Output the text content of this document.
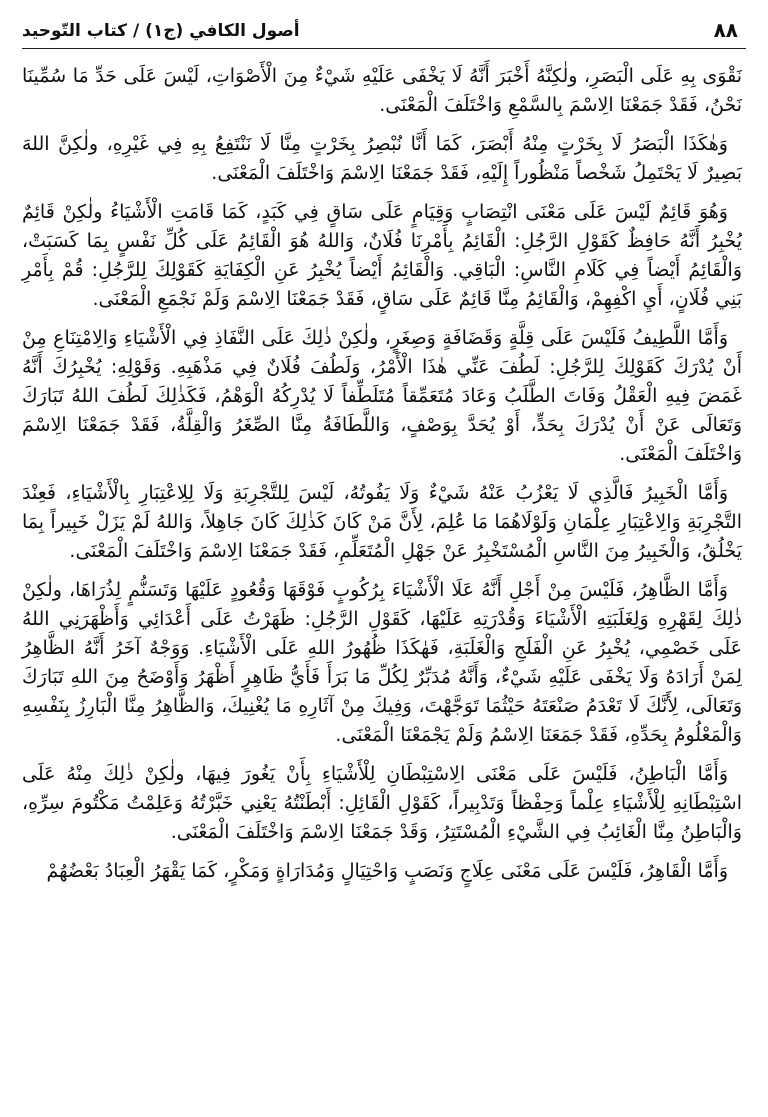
أصول الكافي (ج١) / كتاب التّوحيد	٨٨

نَقْوَى بِهِ عَلَى الْبَصَرِ، ولٰكِنَّهُ أَخْبَرَ أَنَّهُ لَا يَخْفَى عَلَيْهِ شَيْءٌ مِنَ الْأَصْوَاتِ، لَيْسَ عَلَى حَدِّ مَا سُمِّينَا نَحْنُ، فَقَدْ جَمَعْنَا الِاسْمَ بِالسَّمْعِ وَاخْتَلَفَ الْمَعْنَى.

وَهٰكَذَا الْبَصَرُ لَا بِخَرْتٍ مِنْهُ أَبْصَرَ، كَمَا أَنَّا نُبْصِرُ بِخَرْتٍ مِنَّا لَا نَنْتَفِعُ بِهِ فِي غَيْرِهِ، ولٰكِنَّ اللهَ بَصِيرٌ لَا يَحْتَمِلُ شَخْصاً مَنْظُوراً إِلَيْهِ، فَقَدْ جَمَعْنَا الِاسْمَ وَاخْتَلَفَ الْمَعْنَى.

وَهُوَ قَائِمٌ لَيْسَ عَلَى مَعْنَى انْتِصَابٍ وَقِيَامٍ عَلَى سَاقٍ فِي كَبَدٍ، كَمَا قَامَتِ الْأَشْيَاءُ ولٰكِنْ قَائِمٌ يُخْبِرُ أَنَّهُ حَافِظٌ كَقَوْلِ الرَّجُلِ: الْقَائِمُ بِأَمْرِنَا فُلَانٌ، وَاللهُ هُوَ الْقَائِمُ عَلَى كُلِّ نَفْسٍ بِمَا كَسَبَتْ، وَالْقَائِمُ أَيْضاً فِي كَلَامِ النَّاسِ: الْبَاقِي. وَالْقَائِمُ أَيْضاً يُخْبِرُ عَنِ الْكِفَايَةِ كَقَوْلِكَ لِلرَّجُلِ: قُمْ بِأَمْرِ بَنِي فُلَانٍ، أَيِ اكْفِهِمْ، وَالْقَائِمُ مِنَّا قَائِمٌ عَلَى سَاقٍ، فَقَدْ جَمَعْنَا الِاسْمَ وَلَمْ نَجْمَعِ الْمَعْنَى.

وَأَمَّا اللَّطِيفُ فَلَيْسَ عَلَى قِلَّةٍ وَقَضَافَةٍ وَصِغَرٍ، ولٰكِنْ ذٰلِكَ عَلَى النَّفَاذِ فِي الْأَشْيَاءِ وَالِامْتِنَاعِ مِنْ أَنْ يُدْرَكَ كَقَوْلِكَ لِلرَّجُلِ: لَطُفَ عَنِّي هٰذَا الْأَمْرُ، وَلَطُفَ فُلَانٌ فِي مَذْهَبِهِ. وَقَوْلِهِ: يُخْبِرُكَ أَنَّهُ غَمَضَ فِيهِ الْعَقْلُ وَفَاتَ الطَّلَبُ وَعَادَ مُتَعَمِّقاً مُتَلَطِّفاً لَا يُدْرِكُهُ الْوَهْمُ، فَكَذٰلِكَ لَطُفَ اللهُ تَبَارَكَ وَتَعَالَى عَنْ أَنْ يُدْرَكَ بِحَدٍّ، أَوْ يُحَدَّ بِوَصْفٍ، وَاللَّطَافَةُ مِنَّا الصِّغَرُ وَالْقِلَّةُ، فَقَدْ جَمَعْنَا الِاسْمَ وَاخْتَلَفَ الْمَعْنَى.

وَأَمَّا الْخَبِيرُ فَالَّذِي لَا يَعْزُبُ عَنْهُ شَيْءٌ وَلَا يَفُوتُهُ، لَيْسَ لِلتَّجْرِبَةِ وَلَا لِلِاعْتِبَارِ بِالْأَشْيَاءِ، فَعِنْدَ التَّجْرِبَةِ وَالِاعْتِبَارِ عِلْمَانِ وَلَوْلَاهُمَا مَا عُلِمَ، لِأَنَّ مَنْ كَانَ كَذٰلِكَ كَانَ جَاهِلاً، وَاللهُ لَمْ يَزَلْ خَبِيراً بِمَا يَخْلُقُ، وَالْخَبِيرُ مِنَ النَّاسِ الْمُسْتَخْبِرُ عَنْ جَهْلِ الْمُتَعَلِّمِ، فَقَدْ جَمَعْنَا الِاسْمَ وَاخْتَلَفَ الْمَعْنَى.

وَأَمَّا الظَّاهِرُ، فَلَيْسَ مِنْ أَجْلِ أَنَّهُ عَلَا الْأَشْيَاءَ بِرُكُوبٍ فَوْقَهَا وَقُعُودٍ عَلَيْهَا وَتَسَنُّمٍ لِذُرَاهَا، ولٰكِنْ ذٰلِكَ لِقَهْرِهِ وَلِغَلَبَتِهِ الْأَشْيَاءَ وَقُدْرَتِهِ عَلَيْهَا، كَقَوْلِ الرَّجُلِ: ظَهَرْتُ عَلَى أَعْدَائِي وَأَظْهَرَنِي اللهُ عَلَى خَصْمِي، يُخْبِرُ عَنِ الْفَلَجِ وَالْغَلَبَةِ، فَهٰكَذَا ظُهُورُ اللهِ عَلَى الْأَشْيَاءِ. وَوَجْهٌ آخَرُ أَنَّهُ الظَّاهِرُ لِمَنْ أَرَادَهُ وَلَا يَخْفَى عَلَيْهِ شَيْءٌ، وَأَنَّهُ مُدَبِّرٌ لِكُلِّ مَا بَرَأَ فَأَيُّ ظَاهِرٍ أَظْهَرُ وَأَوْضَحُ مِنَ اللهِ تَبَارَكَ وَتَعَالَى، لِأَنَّكَ لَا تَعْدَمُ صَنْعَتَهُ حَيْثُمَا تَوَجَّهْتَ، وَفِيكَ مِنْ آثَارِهِ مَا يُغْنِيكَ، وَالظَّاهِرُ مِنَّا الْبَارِزُ بِنَفْسِهِ وَالْمَعْلُومُ بِحَدِّهِ، فَقَدْ جَمَعَنَا الِاسْمُ وَلَمْ يَجْمَعْنَا الْمَعْنَى.

وَأَمَّا الْبَاطِنُ، فَلَيْسَ عَلَى مَعْنَى الِاسْتِبْطَانِ لِلْأَشْيَاءِ بِأَنْ يَغُورَ فِيهَا، ولٰكِنْ ذٰلِكَ مِنْهُ عَلَى اسْتِبْطَانِهِ لِلْأَشْيَاءِ عِلْماً وَحِفْظاً وَتَدْبِيراً، كَقَوْلِ الْقَائِلِ: أَبْطَنْتُهُ يَعْنِي خَبَّرْتُهُ وَعَلِمْتُ مَكْتُومَ سِرِّهِ، وَالْبَاطِنُ مِنَّا الْغَائِبُ فِي الشَّيْءِ الْمُسْتَتِرُ، وَقَدْ جَمَعْنَا الِاسْمَ وَاخْتَلَفَ الْمَعْنَى.

وَأَمَّا الْقَاهِرُ، فَلَيْسَ عَلَى مَعْنَى عِلَاجٍ وَنَصَبٍ وَاحْتِيَالٍ وَمُدَارَاةٍ وَمَكْرٍ، كَمَا يَقْهَرُ الْعِبَادُ بَعْضُهُمْ
